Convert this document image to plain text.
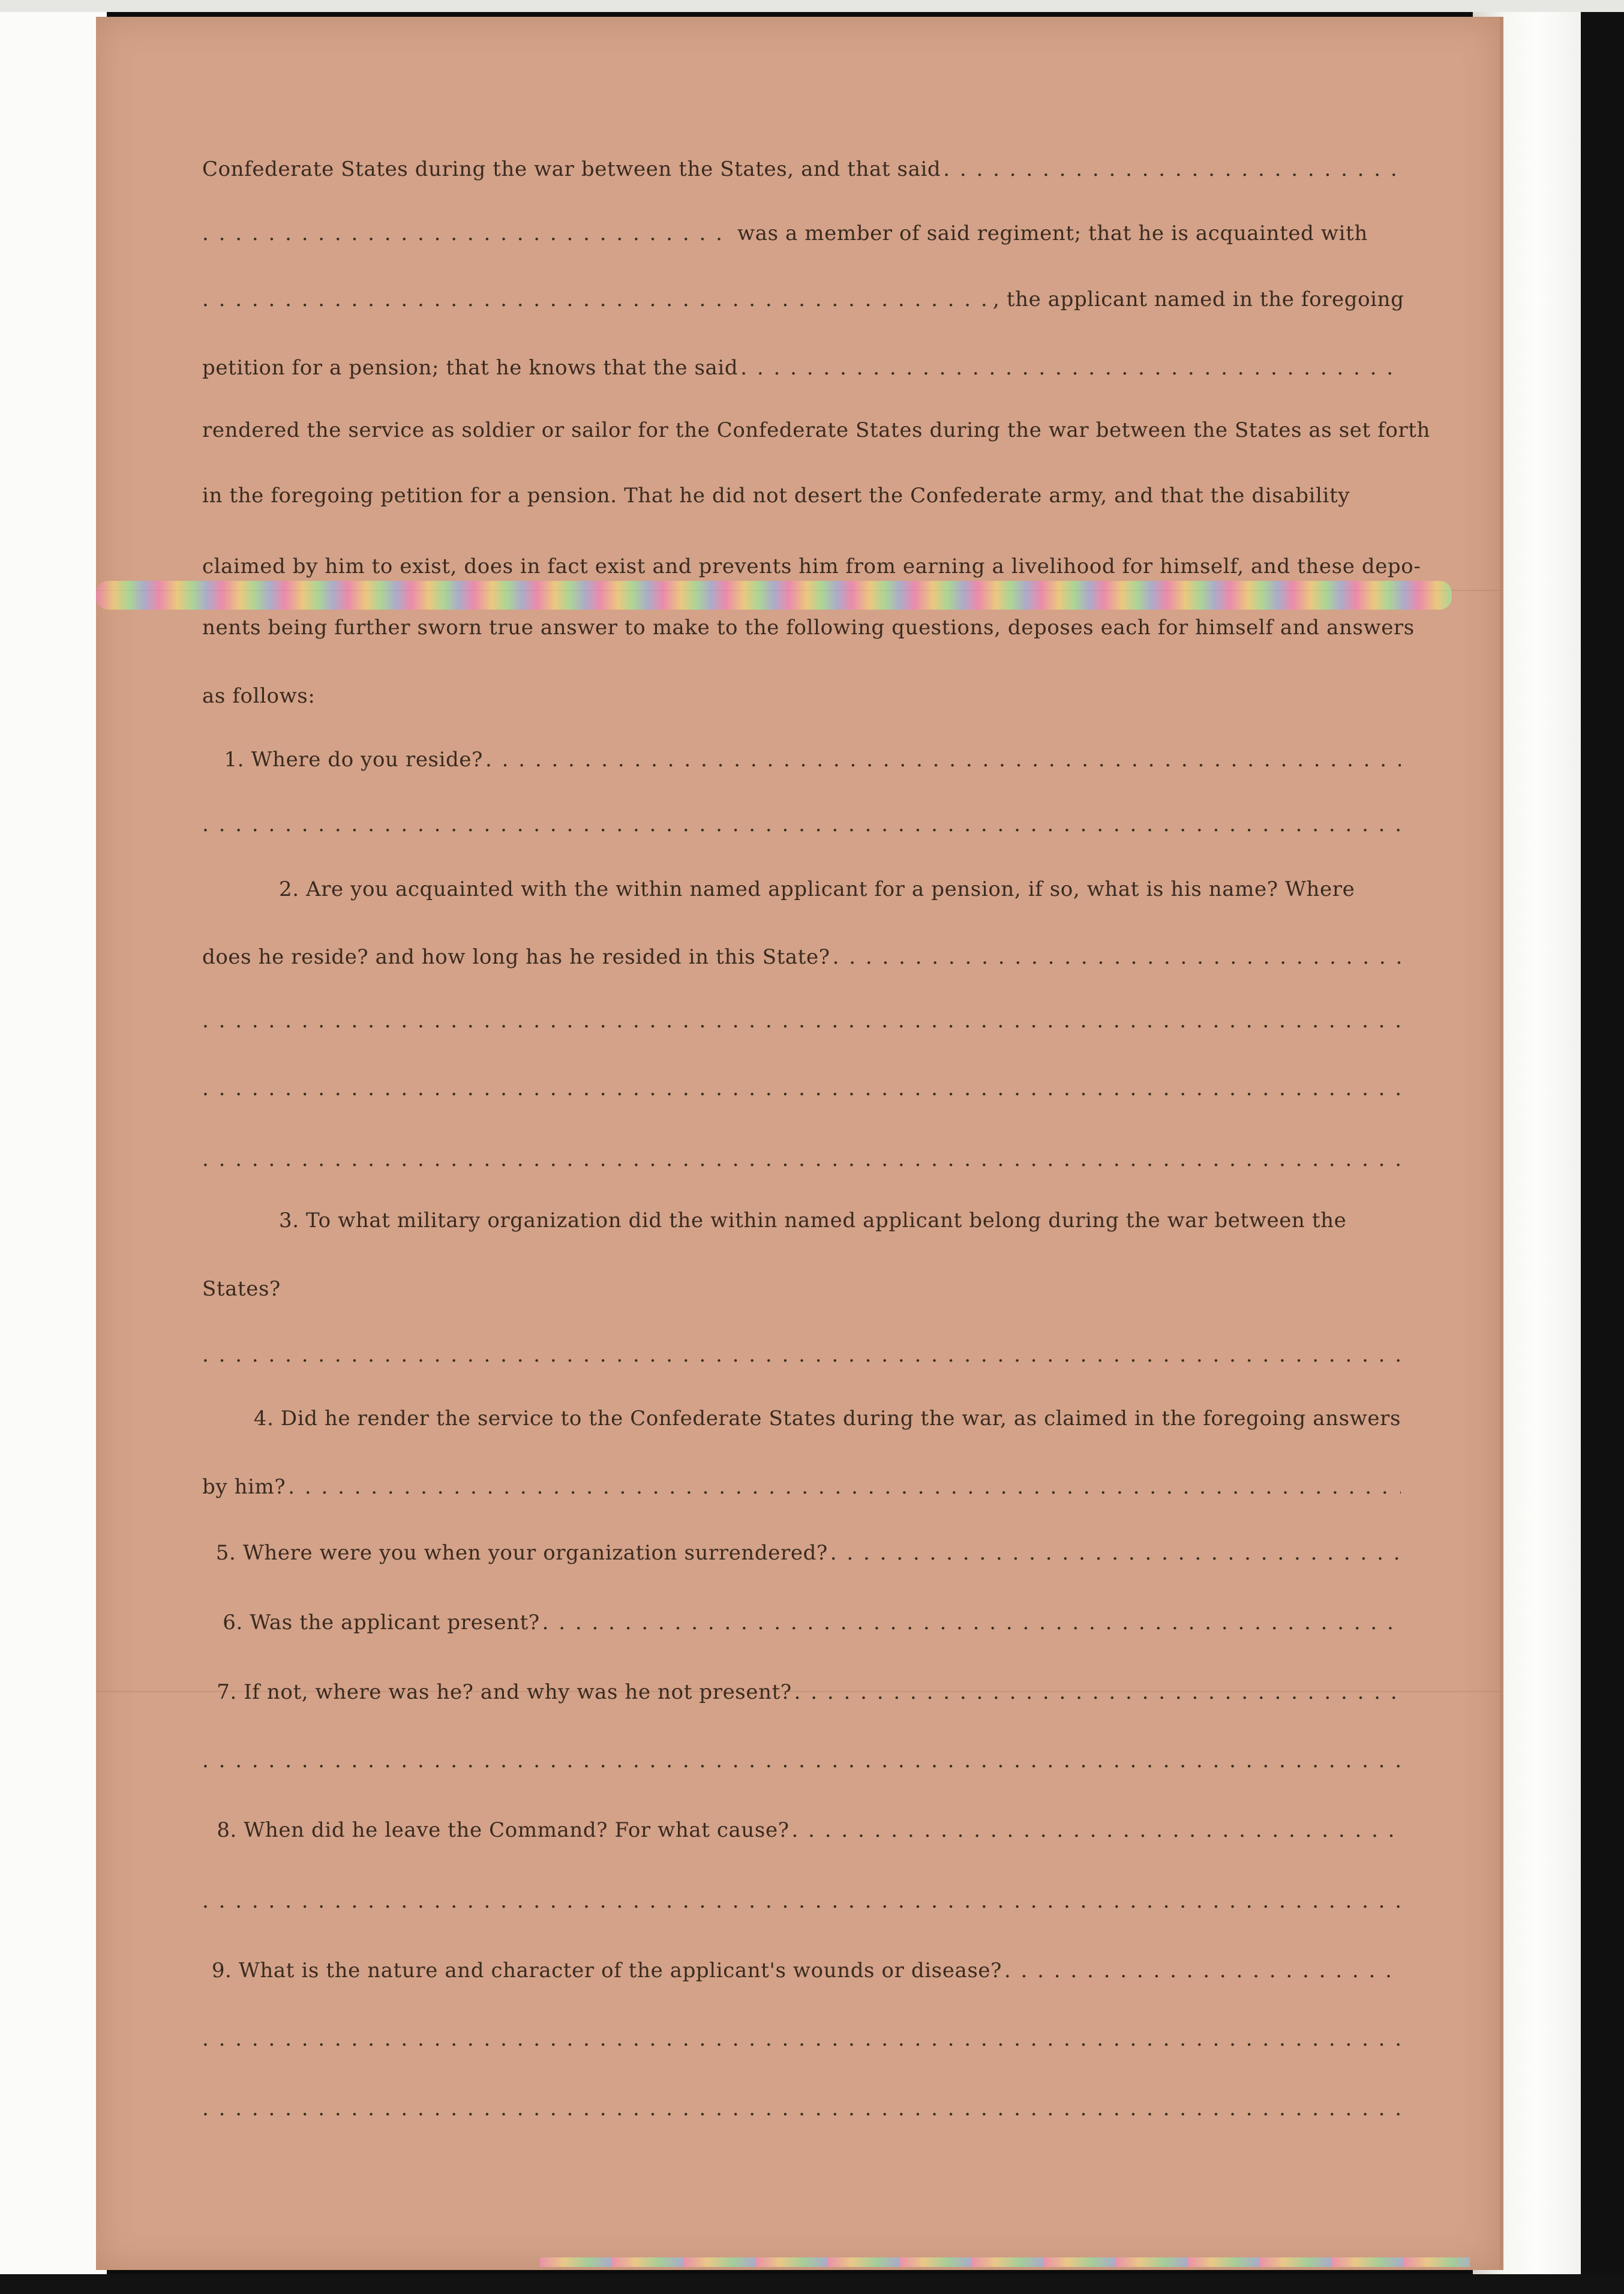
Confederate States during the war between the States, and that said
. . .
. . .
was a member of said regiment; that he is acquainted with
. . .
, the applicant named in the foregoing
petition for a pension; that he knows that the said
. . .
rendered the service as soldier or sailor for the Confederate States during the war between the States as set forth
in the foregoing petition for a pension. That he did not desert the Confederate army, and that the disability
claimed by him to exist, does in fact exist and prevents him from earning a livelihood for himself, and these depo-
nents being further sworn true answer to make to the following questions, deposes each for himself and answers
as follows:
1. Where do you reside?
. . .
. . .
2. Are you acquainted with the within named applicant for a pension, if so, what is his name? Where
does he reside? and how long has he resided in this State?
. . .
. . .
. . .
. . .
3. To what military organization did the within named applicant belong during the war between the
States?
. . .
4. Did he render the service to the Confederate States during the war, as claimed in the foregoing answers
by him?
. . .
5. Where were you when your organization surrendered?
. . .
6. Was the applicant present?
. . .
7. If not, where was he? and why was he not present?
. . .
. . .
8. When did he leave the Command? For what cause?
. . .
. . .
9. What is the nature and character of the applicant's wounds or disease?
. . .
. . .
. . .
